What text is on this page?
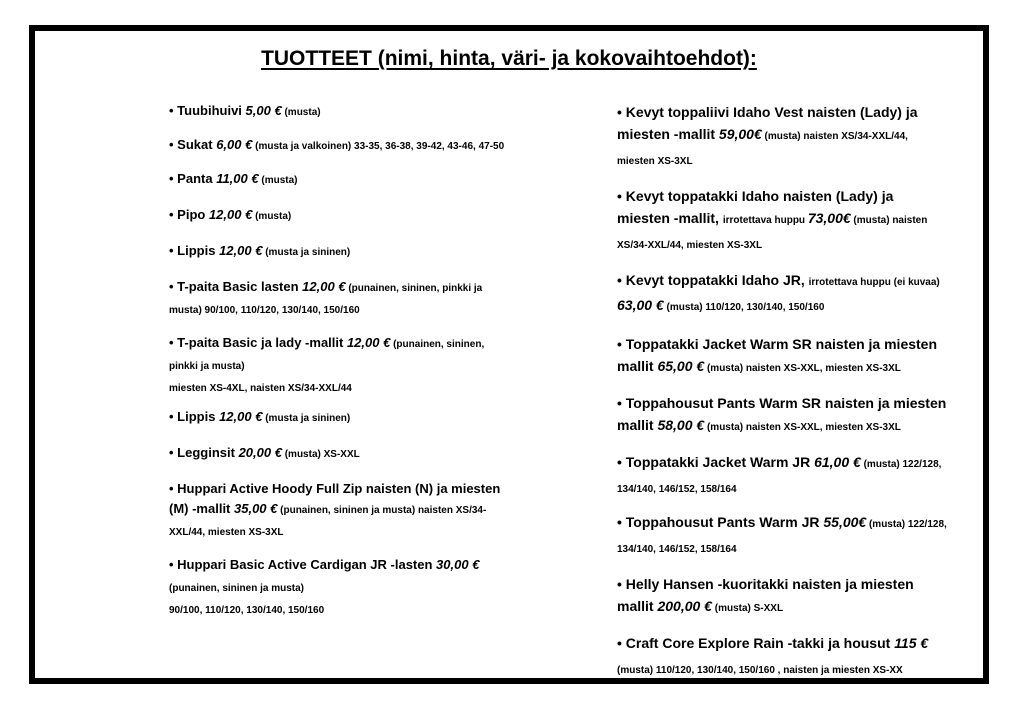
TUOTTEET (nimi, hinta, väri- ja kokovaihtoehdot):
• Tuubihuivi 5,00 € (musta)
• Sukat 6,00 € (musta ja valkoinen) 33-35, 36-38, 39-42, 43-46, 47-50
• Panta 11,00 € (musta)
• Pipo 12,00 € (musta)
• Lippis 12,00 € (musta ja sininen)
• T-paita Basic lasten 12,00 € (punainen, sininen, pinkki ja musta) 90/100, 110/120, 130/140, 150/160
• T-paita Basic ja lady -mallit 12,00 € (punainen, sininen, pinkki ja musta)
miesten XS-4XL, naisten XS/34-XXL/44
• Lippis 12,00 € (musta ja sininen)
• Legginsit 20,00 € (musta) XS-XXL
• Huppari Active Hoody Full Zip naisten (N) ja miesten (M) -mallit 35,00 € (punainen, sininen ja musta) naisten XS/34-XXL/44, miesten XS-3XL
• Huppari Basic Active Cardigan JR -lasten 30,00 € (punainen, sininen ja musta)
90/100, 110/120, 130/140, 150/160
• Kevyt toppaliivi Idaho Vest naisten (Lady) ja miesten -mallit 59,00€ (musta) naisten XS/34-XXL/44, miesten XS-3XL
• Kevyt toppatakki Idaho naisten (Lady) ja miesten -mallit, irrotettava huppu 73,00€ (musta) naisten XS/34-XXL/44, miesten XS-3XL
• Kevyt toppatakki Idaho JR, irrotettava huppu (ei kuvaa) 63,00 € (musta) 110/120, 130/140, 150/160
• Toppatakki Jacket Warm SR naisten ja miesten mallit 65,00 € (musta) naisten XS-XXL, miesten XS-3XL
• Toppahousut Pants Warm SR naisten ja miesten mallit 58,00 € (musta) naisten XS-XXL, miesten XS-3XL
• Toppatakki Jacket Warm JR 61,00 € (musta) 122/128, 134/140, 146/152, 158/164
• Toppahousut Pants Warm JR 55,00€ (musta) 122/128, 134/140, 146/152, 158/164
• Helly Hansen -kuoritakki naisten ja miesten mallit 200,00 € (musta) S-XXL
• Craft Core Explore Rain -takki ja housut 115 € (musta) 110/120, 130/140, 150/160 , naisten ja miesten XS-XX
